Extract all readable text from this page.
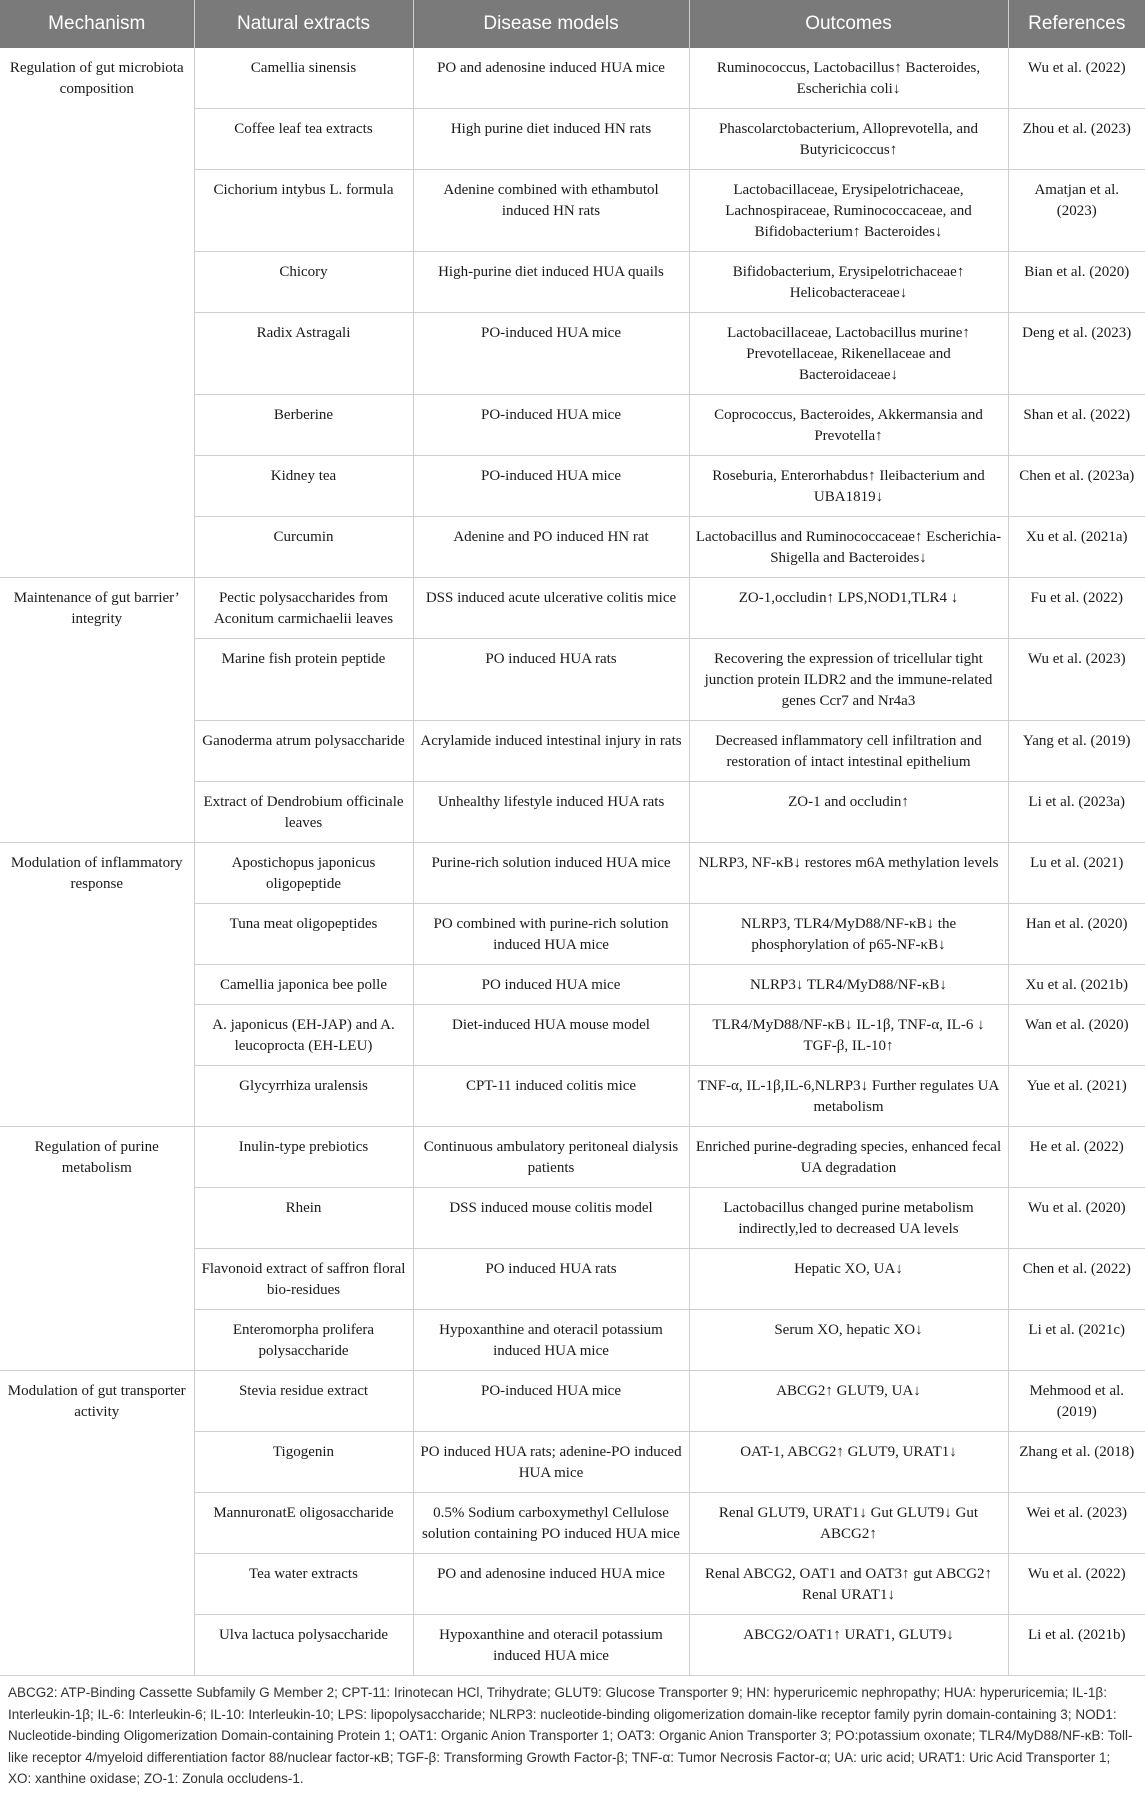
Mechanism	Natural extracts	Disease models	Outcomes	References
Regulation of gut microbiota composition	Camellia sinensis	PO and adenosine induced HUA mice	Ruminococcus, Lactobacillus↑ Bacteroides, Escherichia coli↓	Wu et al. (2022)
	Coffee leaf tea extracts	High purine diet induced HN rats	Phascolarctobacterium, Alloprevotella, and Butyricicoccus↑	Zhou et al. (2023)
	Cichorium intybus L. formula	Adenine combined with ethambutol induced HN rats	Lactobacillaceae, Erysipelotrichaceae, Lachnospiraceae, Ruminococcaceae, and Bifidobacterium↑ Bacteroides↓	Amatjan et al. (2023)
	Chicory	High-purine diet induced HUA quails	Bifidobacterium, Erysipelotrichaceae↑ Helicobacteraceae↓	Bian et al. (2020)
	Radix Astragali	PO-induced HUA mice	Lactobacillaceae, Lactobacillus murine↑ Prevotellaceae, Rikenellaceae and Bacteroidaceae↓	Deng et al. (2023)
	Berberine	PO-induced HUA mice	Coprococcus, Bacteroides, Akkermansia and Prevotella↑	Shan et al. (2022)
	Kidney tea	PO-induced HUA mice	Roseburia, Enterorhabdus↑ Ileibacterium and UBA1819↓	Chen et al. (2023a)
	Curcumin	Adenine and PO induced HN rat	Lactobacillus and Ruminococcaceae↑ Escherichia-Shigella and Bacteroides↓	Xu et al. (2021a)
Maintenance of gut barrier’ integrity	Pectic polysaccharides from Aconitum carmichaelii leaves	DSS induced acute ulcerative colitis mice	ZO-1,occludin↑ LPS,NOD1,TLR4 ↓	Fu et al. (2022)
	Marine fish protein peptide	PO induced HUA rats	Recovering the expression of tricellular tight junction protein ILDR2 and the immune-related genes Ccr7 and Nr4a3	Wu et al. (2023)
	Ganoderma atrum polysaccharide	Acrylamide induced intestinal injury in rats	Decreased inflammatory cell infiltration and restoration of intact intestinal epithelium	Yang et al. (2019)
	Extract of Dendrobium officinale leaves	Unhealthy lifestyle induced HUA rats	ZO-1 and occludin↑	Li et al. (2023a)
Modulation of inflammatory response	Apostichopus japonicus oligopeptide	Purine-rich solution induced HUA mice	NLRP3, NF-κB↓ restores m6A methylation levels	Lu et al. (2021)
	Tuna meat oligopeptides	PO combined with purine-rich solution induced HUA mice	NLRP3, TLR4/MyD88/NF-κB↓ the phosphorylation of p65-NF-κB↓	Han et al. (2020)
	Camellia japonica bee polle	PO induced HUA mice	NLRP3↓ TLR4/MyD88/NF-κB↓	Xu et al. (2021b)
	A. japonicus (EH-JAP) and A. leucoprocta (EH-LEU)	Diet-induced HUA mouse model	TLR4/MyD88/NF-κB↓ IL-1β, TNF-α, IL-6 ↓ TGF-β, IL-10↑	Wan et al. (2020)
	Glycyrrhiza uralensis	CPT-11 induced colitis mice	TNF-α, IL-1β,IL-6,NLRP3↓ Further regulates UA metabolism	Yue et al. (2021)
Regulation of purine metabolism	Inulin-type prebiotics	Continuous ambulatory peritoneal dialysis patients	Enriched purine-degrading species, enhanced fecal UA degradation	He et al. (2022)
	Rhein	DSS induced mouse colitis model	Lactobacillus changed purine metabolism indirectly,led to decreased UA levels	Wu et al. (2020)
	Flavonoid extract of saffron floral bio-residues	PO induced HUA rats	Hepatic XO, UA↓	Chen et al. (2022)
	Enteromorpha prolifera polysaccharide	Hypoxanthine and oteracil potassium induced HUA mice	Serum XO, hepatic XO↓	Li et al. (2021c)
Modulation of gut transporter activity	Stevia residue extract	PO-induced HUA mice	ABCG2↑ GLUT9, UA↓	Mehmood et al. (2019)
	Tigogenin	PO induced HUA rats; adenine-PO induced HUA mice	OAT-1, ABCG2↑ GLUT9, URAT1↓	Zhang et al. (2018)
	MannuronatE oligosaccharide	0.5% Sodium carboxymethyl Cellulose solution containing PO induced HUA mice	Renal GLUT9, URAT1↓ Gut GLUT9↓ Gut ABCG2↑	Wei et al. (2023)
	Tea water extracts	PO and adenosine induced HUA mice	Renal ABCG2, OAT1 and OAT3↑ gut ABCG2↑ Renal URAT1↓	Wu et al. (2022)
	Ulva lactuca polysaccharide	Hypoxanthine and oteracil potassium induced HUA mice	ABCG2/OAT1↑ URAT1, GLUT9↓	Li et al. (2021b)
ABCG2: ATP-Binding Cassette Subfamily G Member 2; CPT-11: Irinotecan HCl, Trihydrate; GLUT9: Glucose Transporter 9; HN: hyperuricemic nephropathy; HUA: hyperuricemia; IL-1β: Interleukin-1β; IL-6: Interleukin-6; IL-10: Interleukin-10; LPS: lipopolysaccharide; NLRP3: nucleotide-binding oligomerization domain-like receptor family pyrin domain-containing 3; NOD1: Nucleotide-binding Oligomerization Domain-containing Protein 1; OAT1: Organic Anion Transporter 1; OAT3: Organic Anion Transporter 3; PO:potassium oxonate; TLR4/MyD88/NF-κB: Toll-like receptor 4/myeloid differentiation factor 88/nuclear factor-κB; TGF-β: Transforming Growth Factor-β; TNF-α: Tumor Necrosis Factor-α; UA: uric acid; URAT1: Uric Acid Transporter 1; XO: xanthine oxidase; ZO-1: Zonula occludens-1.
